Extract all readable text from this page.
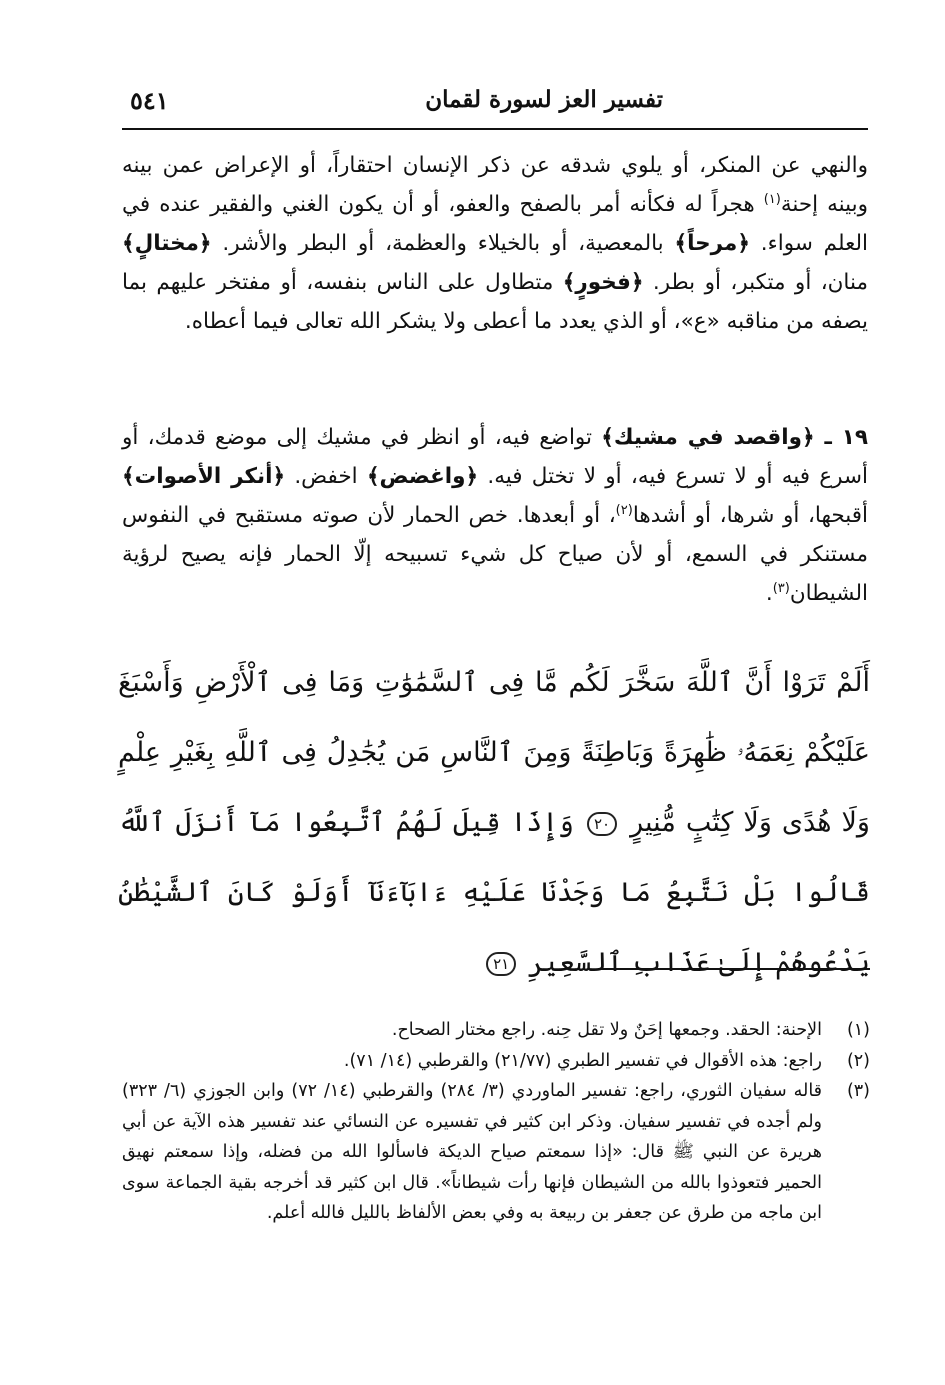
تفسير العز لسورة لقمان
٥٤١
والنهي عن المنكر، أو يلوي شدقه عن ذكر الإنسان احتقاراً، أو الإعراض عمن بينه وبينه إحنة$^{(١)}$ هجراً له فكأنه أمر بالصفح والعفو، أو أن يكون الغني والفقير عنده في العلم سواء. ﴿مرحاً﴾ بالمعصية، أو بالخيلاء والعظمة، أو البطر والأشر. ﴿مختالٍ﴾ منان، أو متكبر، أو بطر. ﴿فخورٍ﴾ متطاول على الناس بنفسه، أو مفتخر عليهم بما يصفه من مناقبه «ع»، أو الذي يعدد ما أعطى ولا يشكر الله تعالى فيما أعطاه.
١٩ ـ ﴿واقصد في مشيك﴾ تواضع فيه، أو انظر في مشيك إلى موضع قدمك، أو أسرع فيه أو لا تسرع فيه، أو لا تختل فيه. ﴿واغضض﴾ اخفض. ﴿أنكر الأصوات﴾ أقبحها، أو شرها، أو أشدها$^{(٢)}$، أو أبعدها. خص الحمار لأن صوته مستقبح في النفوس مستنكر في السمع، أو لأن صياح كل شيء تسبيحه إلّا الحمار فإنه يصيح لرؤية الشيطان$^{(٣)}$.
أَلَمْ تَرَوْا أَنَّ ٱللَّهَ سَخَّرَ لَكُم مَّا فِى ٱلسَّمَٰوَٰتِ وَمَا فِى ٱلْأَرْضِ وَأَسْبَغَ عَلَيْكُمْ نِعَمَهُۥ ظَٰهِرَةً وَبَاطِنَةً وَمِنَ ٱلنَّاسِ مَن يُجَٰدِلُ فِى ٱللَّهِ بِغَيْرِ عِلْمٍ وَلَا هُدًى وَلَا كِتَٰبٍ مُّنِيرٍ ٢٠ وَإِذَا قِيلَ لَهُمُ ٱتَّبِعُوا مَآ أَنزَلَ ٱللَّهُ قَالُوا بَلْ نَتَّبِعُ مَا وَجَدْنَا عَلَيْهِ ءَابَآءَنَآ أَوَلَوْ كَانَ ٱلشَّيْطَٰنُ يَدْعُوهُمْ إِلَىٰ عَذَابِ ٱلسَّعِيرِ ٢١
(١)
الإحنة: الحقد. وجمعها إحَنٌ ولا تقل حِنه. راجع مختار الصحاح.
(٢)
راجع: هذه الأقوال في تفسير الطبري (٢١/٧٧) والقرطبي (١٤/ ٧١).
(٣)
قاله سفيان الثوري، راجع: تفسير الماوردي (٣/ ٢٨٤) والقرطبي (١٤/ ٧٢) وابن الجوزي (٦/ ٣٢٣) ولم أجده في تفسير سفيان. وذكر ابن كثير في تفسيره عن النسائي عند تفسير هذه الآية عن أبي هريرة عن النبي ﷺ قال: «إذا سمعتم صياح الديكة فاسألوا الله من فضله، وإذا سمعتم نهيق الحمير فتعوذوا بالله من الشيطان فإنها رأت شيطاناً». قال ابن كثير قد أخرجه بقية الجماعة سوى ابن ماجه من طرق عن جعفر بن ربيعة به وفي بعض الألفاظ بالليل فالله أعلم.
